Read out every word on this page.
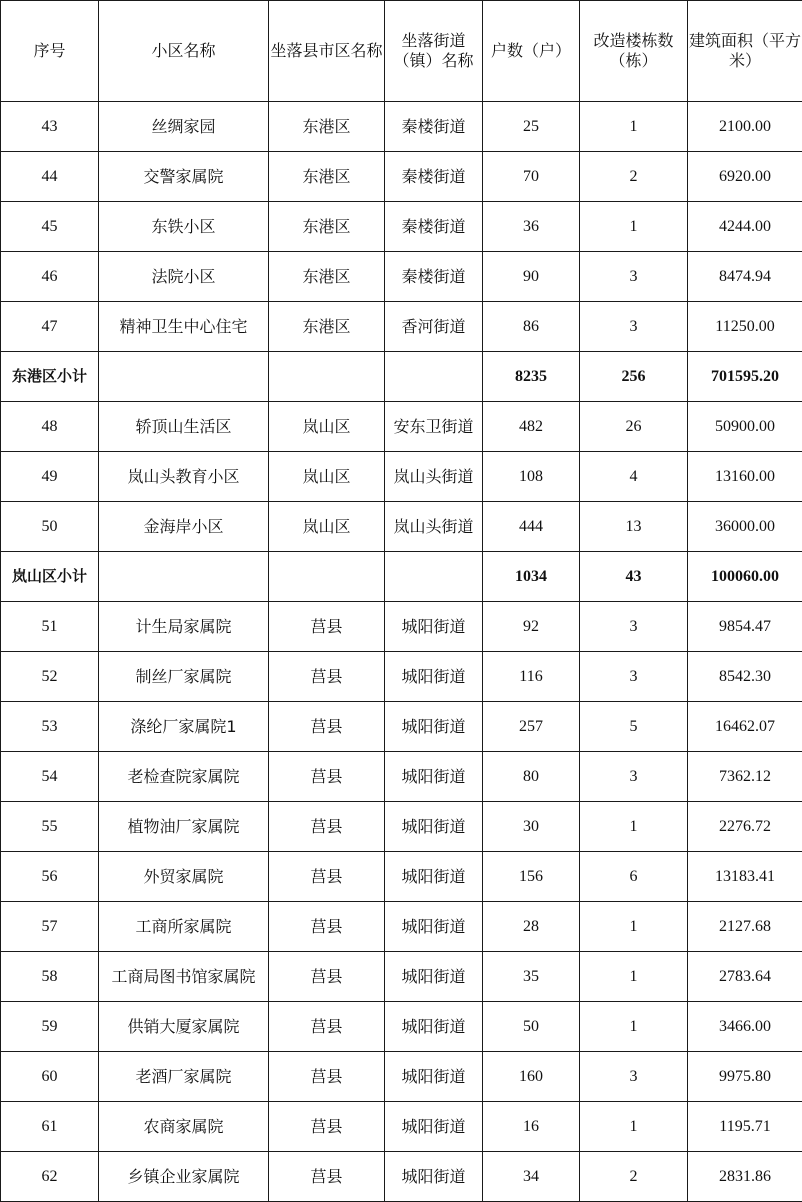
序号	小区名称	坐落县市区名称	坐落街道（镇）名称	户数（户）	改造楼栋数（栋）	建筑面积（平方米）
43	丝绸家园	东港区	秦楼街道	25	1	2100.00
44	交警家属院	东港区	秦楼街道	70	2	6920.00
45	东铁小区	东港区	秦楼街道	36	1	4244.00
46	法院小区	东港区	秦楼街道	90	3	8474.94
47	精神卫生中心住宅	东港区	香河街道	86	3	11250.00
东港区小计				8235	256	701595.20
48	轿顶山生活区	岚山区	安东卫街道	482	26	50900.00
49	岚山头教育小区	岚山区	岚山头街道	108	4	13160.00
50	金海岸小区	岚山区	岚山头街道	444	13	36000.00
岚山区小计				1034	43	100060.00
51	计生局家属院	莒县	城阳街道	92	3	9854.47
52	制丝厂家属院	莒县	城阳街道	116	3	8542.30
53	涤纶厂家属院1	莒县	城阳街道	257	5	16462.07
54	老检查院家属院	莒县	城阳街道	80	3	7362.12
55	植物油厂家属院	莒县	城阳街道	30	1	2276.72
56	外贸家属院	莒县	城阳街道	156	6	13183.41
57	工商所家属院	莒县	城阳街道	28	1	2127.68
58	工商局图书馆家属院	莒县	城阳街道	35	1	2783.64
59	供销大厦家属院	莒县	城阳街道	50	1	3466.00
60	老酒厂家属院	莒县	城阳街道	160	3	9975.80
61	农商家属院	莒县	城阳街道	16	1	1195.71
62	乡镇企业家属院	莒县	城阳街道	34	2	2831.86
